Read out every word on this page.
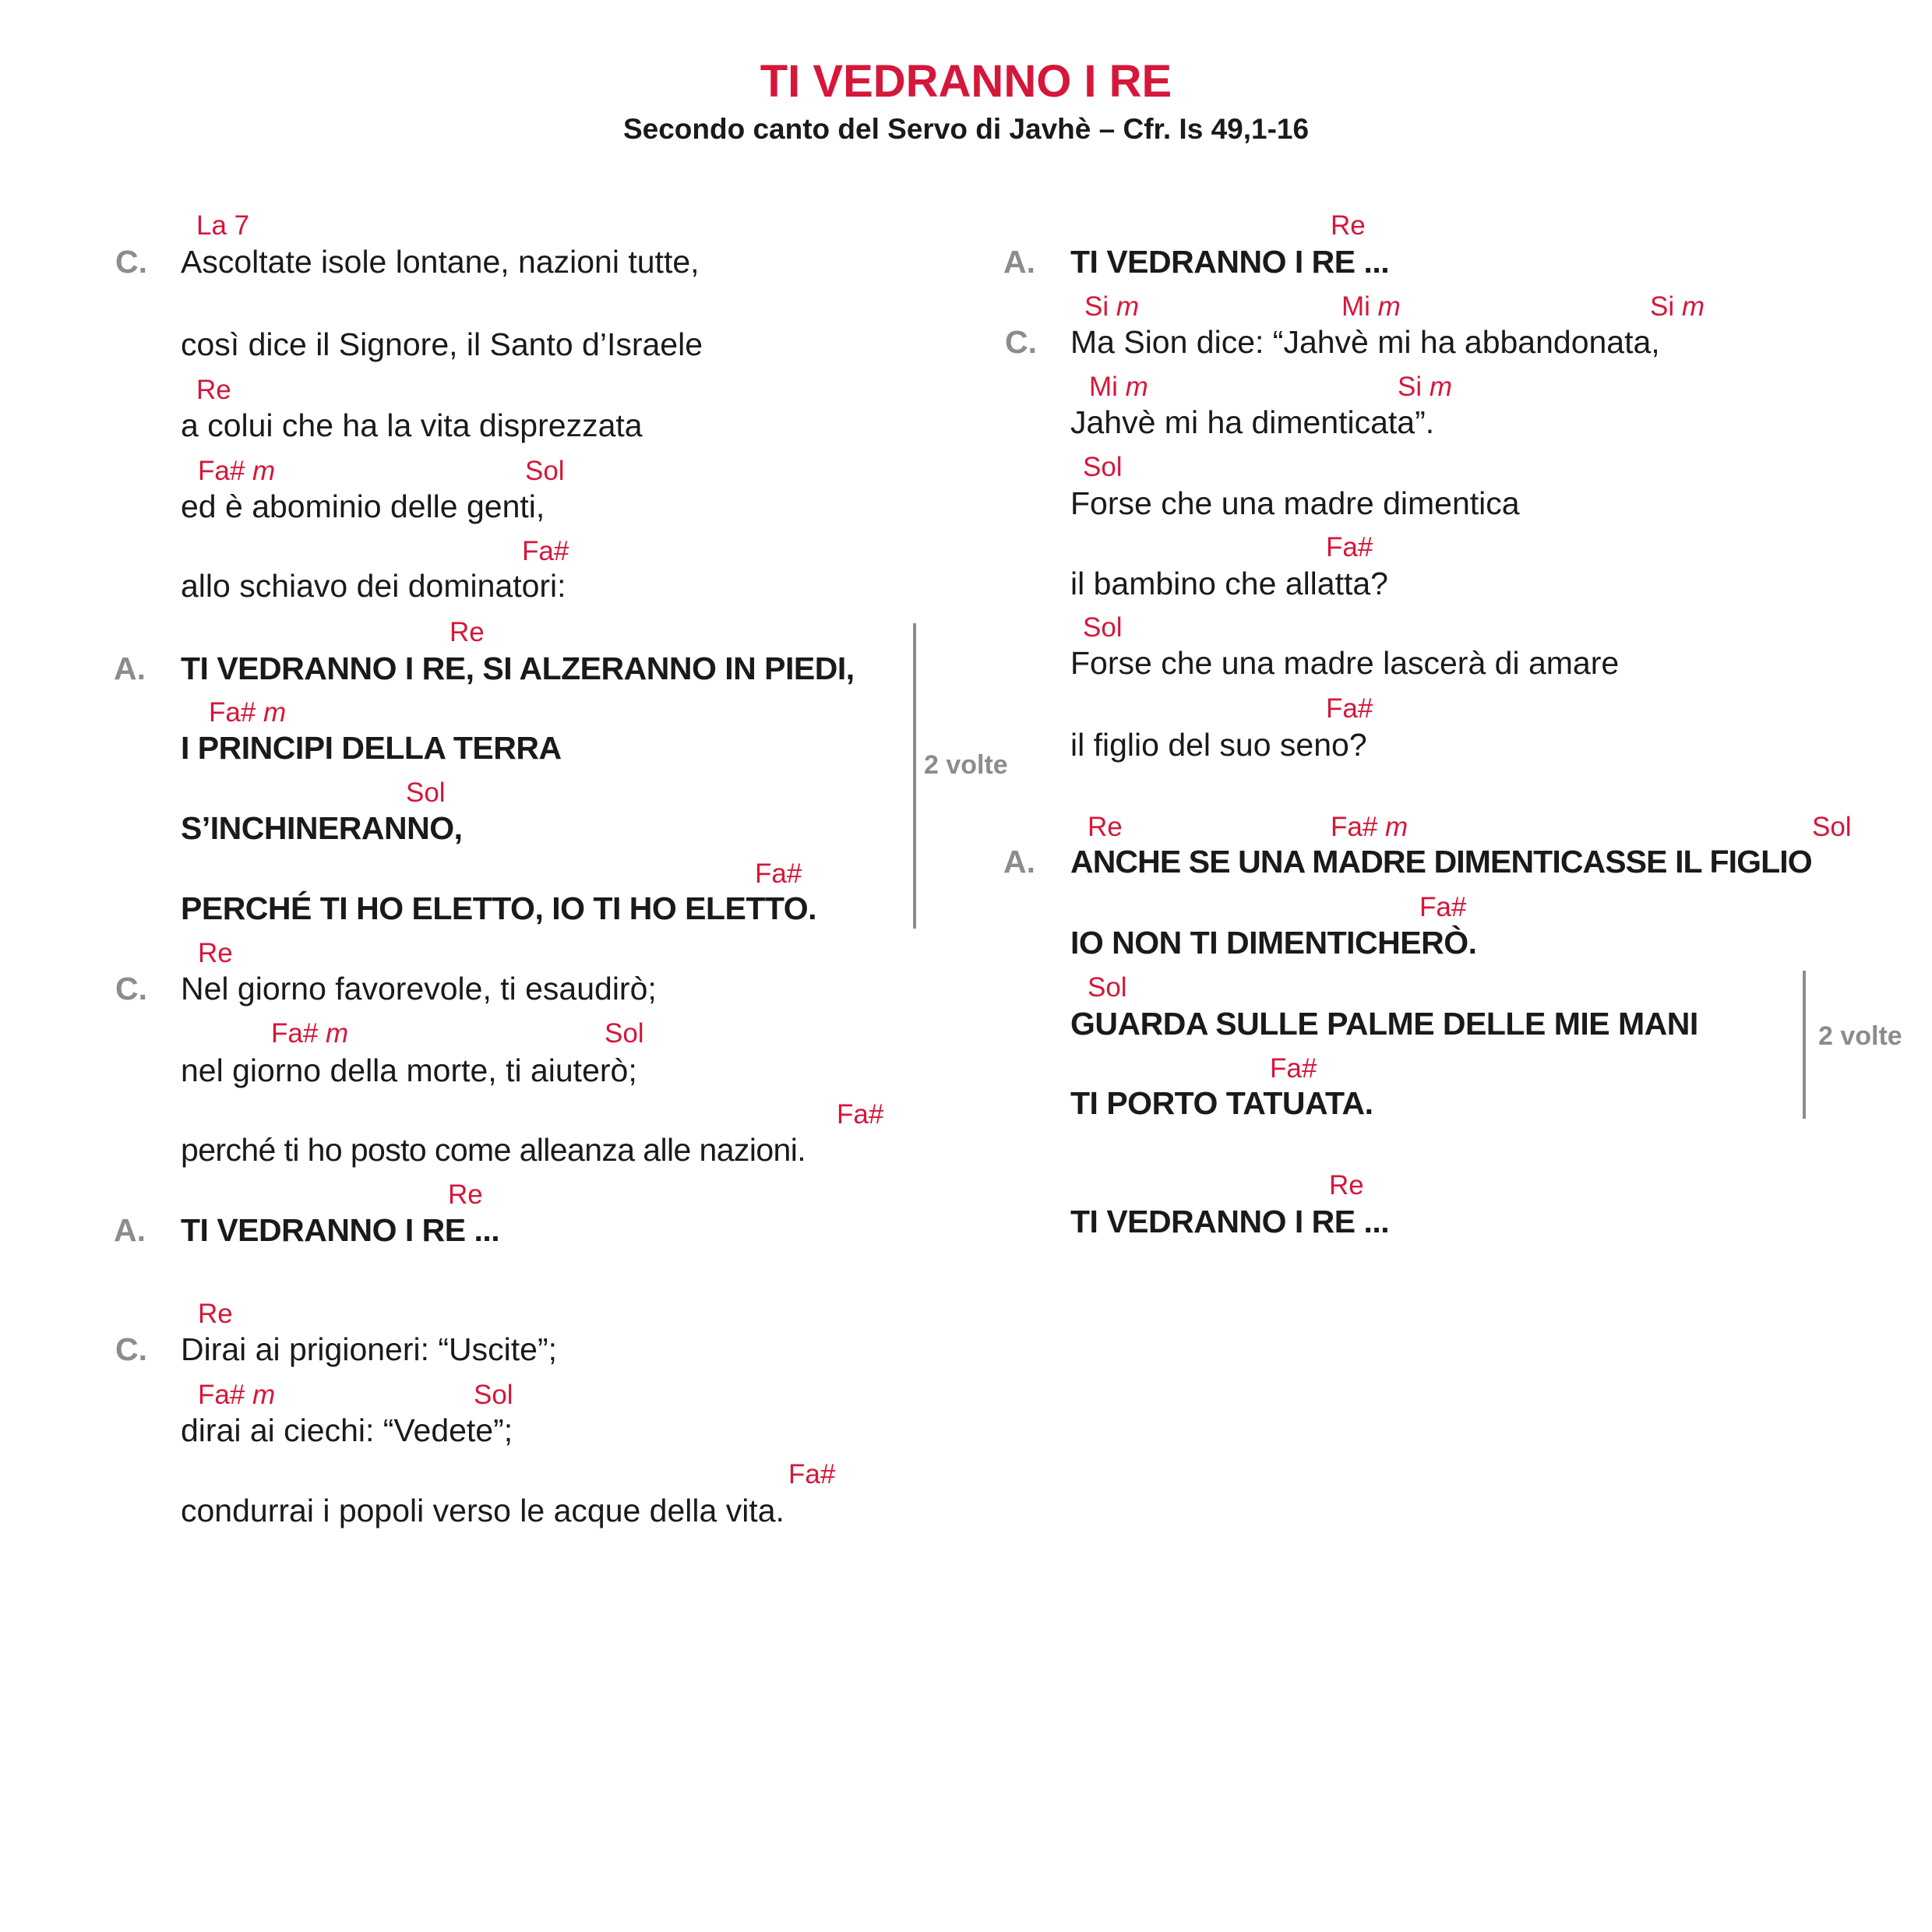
TI VEDRANNO I RE
Secondo canto del Servo di Javhè – Cfr. Is 49,1-16
C.
La 7
Ascoltate isole lontane, nazioni tutte,
così dice il Signore, il Santo d’Israele
Re
a colui che ha la vita disprezzata
Fa# m	Sol
ed è abominio delle genti,
Fa#
allo schiavo dei dominatori:
A.
Re
TI VEDRANNO I RE, SI ALZERANNO IN PIEDI,
Fa# m
I PRINCIPI DELLA TERRA
Sol
S’INCHINERANNO,
Fa#
PERCHÉ TI HO ELETTO, IO TI HO ELETTO.
2 volte
C.
Re
Nel giorno favorevole, ti esaudirò;
Fa# m	Sol
nel giorno della morte, ti aiuterò;
Fa#
perché ti ho posto come alleanza alle nazioni.
A.
Re
TI VEDRANNO I RE ...
C.
Re
Dirai ai prigioneri: “Uscite”;
Fa# m	Sol
dirai ai ciechi: “Vedete”;
Fa#
condurrai i popoli verso le acque della vita.
A.
Re
TI VEDRANNO I RE ...
C.
Si m	Mi m	Si m
Ma Sion dice: “Jahvè mi ha abbandonata,
Mi m	Si m
Jahvè mi ha dimenticata”.
Sol
Forse che una madre dimentica
Fa#
il bambino che allatta?
Sol
Forse che una madre lascerà di amare
Fa#
il figlio del suo seno?
A.
Re	Fa# m	Sol
ANCHE SE UNA MADRE DIMENTICASSE IL FIGLIO
Fa#
IO NON TI DIMENTICHERÒ.
Sol
GUARDA SULLE PALME DELLE MIE MANI
Fa#
TI PORTO TATUATA.
2 volte
Re
TI VEDRANNO I RE ...
